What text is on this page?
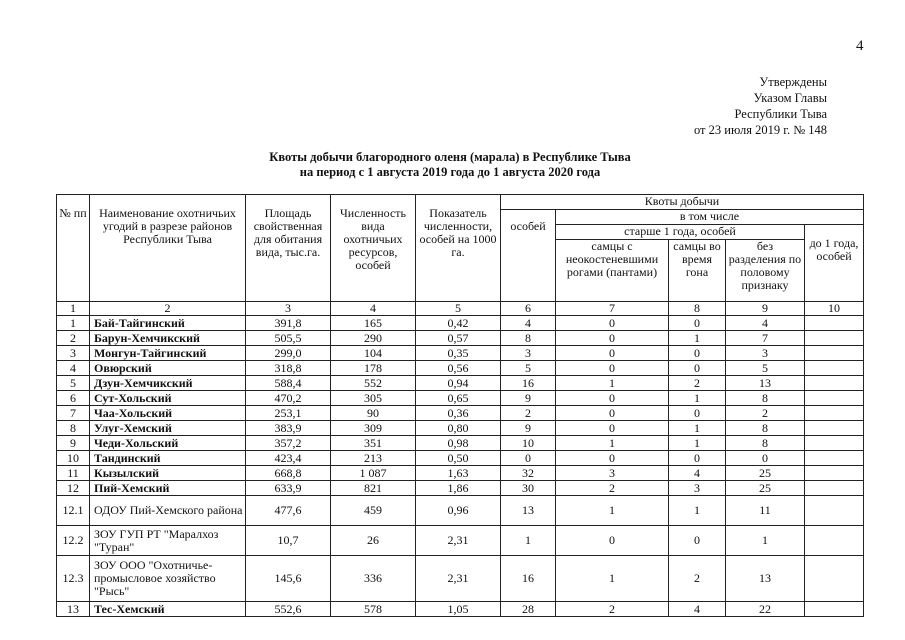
4
Утверждены
Указом Главы
Республики Тыва
от 23 июля 2019 г. № 148
Квоты добычи благородного оленя (марала) в Республике Тыва
на период с 1 августа 2019 года до 1 августа 2020 года
№ пп	Наименование охотничьих угодий в разрезе районов Республики Тыва	Площадь свойственная для обитания вида, тыс.га.	Численность вида охотничьих ресурсов, особей	Показатель численности, особей на 1000 га.	Квоты добычи				
					особей	в том числе			
						старше 1 года, особей			до 1 года, особей
						самцы с неокостеневшими рогами (пантами)	самцы во время гона	без разделения по половому признаку	
1	2	3	4	5	6	7	8	9	10
1	Бай-Тайгинский	391,8	165	0,42	4	0	0	4	
2	Барун-Хемчикский	505,5	290	0,57	8	0	1	7	
3	Монгун-Тайгинский	299,0	104	0,35	3	0	0	3	
4	Овюрский	318,8	178	0,56	5	0	0	5	
5	Дзун-Хемчикский	588,4	552	0,94	16	1	2	13	
6	Сут-Хольский	470,2	305	0,65	9	0	1	8	
7	Чаа-Хольский	253,1	90	0,36	2	0	0	2	
8	Улуг-Хемский	383,9	309	0,80	9	0	1	8	
9	Чеди-Хольский	357,2	351	0,98	10	1	1	8	
10	Тандинский	423,4	213	0,50	0	0	0	0	
11	Кызылский	668,8	1 087	1,63	32	3	4	25	
12	Пий-Хемский	633,9	821	1,86	30	2	3	25	
12.1	ОДОУ Пий-Хемского района	477,6	459	0,96	13	1	1	11	
12.2	ЗОУ ГУП РТ "Маралхоз "Туран"	10,7	26	2,31	1	0	0	1	
12.3	ЗОУ ООО "Охотничье-промысловое хозяйство "Рысь"	145,6	336	2,31	16	1	2	13	
13	Тес-Хемский	552,6	578	1,05	28	2	4	22	
